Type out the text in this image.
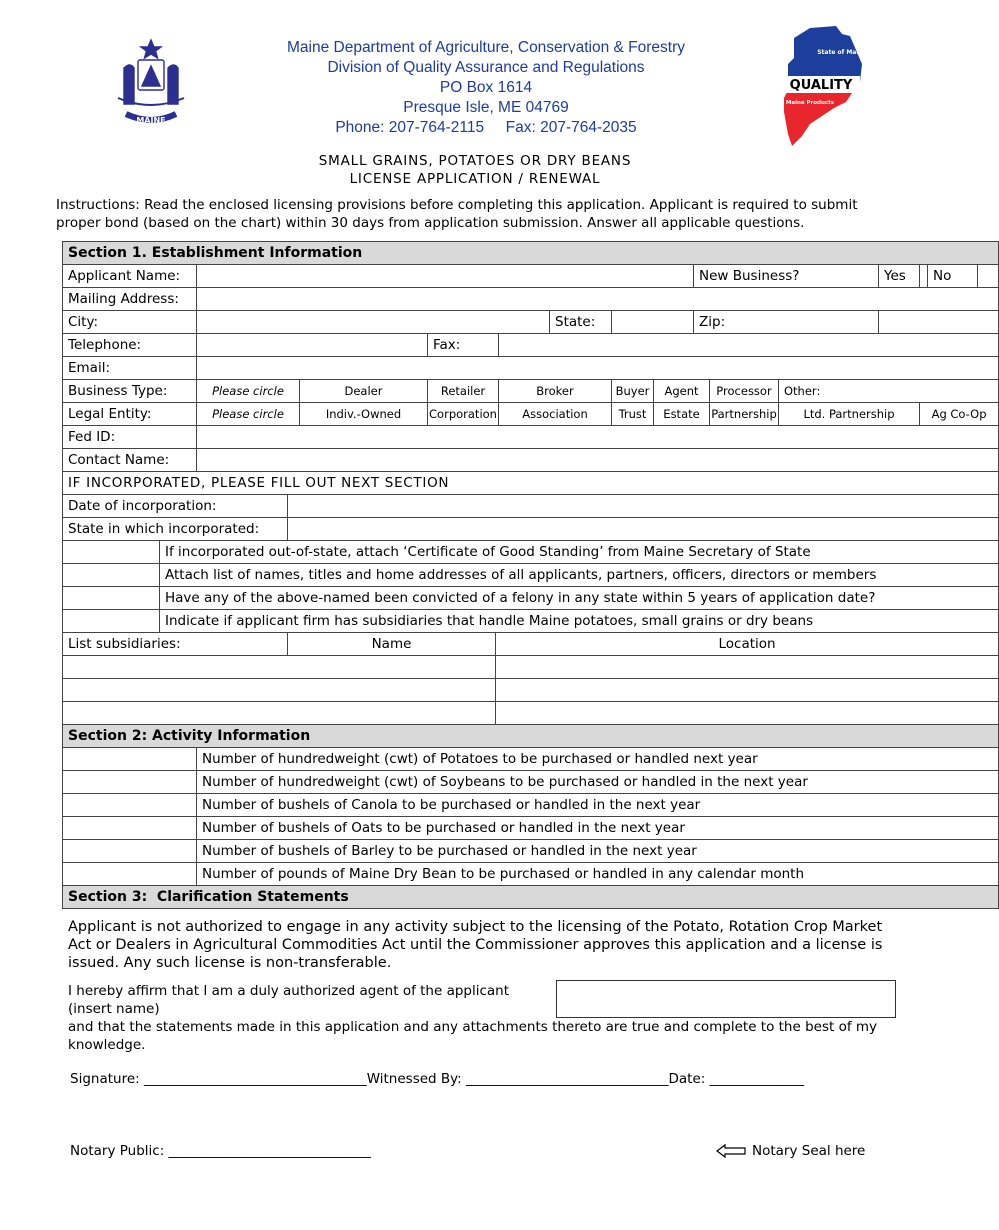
MAINE
Maine Department of Agriculture, Conservation & Forestry
Division of Quality Assurance and Regulations
PO Box 1614
Presque Isle, ME 04769
Phone: 207-764-2115     Fax: 207-764-2035
QUALITY
State of Maine
Maine Products
SMALL GRAINS, POTATOES OR DRY BEANS
LICENSE APPLICATION / RENEWAL
Instructions: Read the enclosed licensing provisions before completing this application. Applicant is required to submit proper bond (based on the chart) within 30 days from application submission. Answer all applicable questions.
Section 1. Establishment Information																	
Applicant Name:											New Business?			Yes		No	
Mailing Address:																	
City:								State:			Zip:						
Telephone:					Fax:												
Email:																	
Business Type:		Please circle		Dealer	Retailer		Broker		Buyer	Agent		Processor	Other:				
Legal Entity:		Please circle		Indiv.-Owned	Corporation		Association		Trust	Estate		Partnership	Ltd. Partnership		Ag Co-Op		
Fed ID:																	
Contact Name:																	
IF INCORPORATED, PLEASE FILL OUT NEXT SECTION																	
Date of incorporation:																	
State in which incorporated:																	
	If incorporated out-of-state, attach ‘Certificate of Good Standing’ from Maine Secretary of State																
	Attach list of names, titles and home addresses of all applicants, partners, officers, directors or members																
	Have any of the above-named been convicted of a felony in any state within 5 years of application date?																
	Indicate if applicant firm has subsidiaries that handle Maine potatoes, small grains or dry beans																
List subsidiaries:			Name			Location											

Section 2: Activity Information																	
		Number of hundredweight (cwt) of Potatoes to be purchased or handled next year															
		Number of hundredweight (cwt) of Soybeans to be purchased or handled in the next year															
		Number of bushels of Canola to be purchased or handled in the next year															
		Number of bushels of Oats to be purchased or handled in the next year															
		Number of bushels of Barley to be purchased or handled in the next year															
		Number of pounds of Maine Dry Bean to be purchased or handled in any calendar month															
Section 3:  Clarification Statements																	
Applicant is not authorized to engage in any activity subject to the licensing of the Potato, Rotation Crop Market Act or Dealers in Agricultural Commodities Act until the Commissioner approves this application and a license is issued. Any such license is non-transferable.
I hereby affirm that I am a duly authorized agent of the applicant (insert name)
and that the statements made in this application and any attachments thereto are true and complete to the best of my knowledge.
Signature: _________________________________Witnessed By: ______________________________Date: ______________
Notary Public: ______________________________	Notary Seal here
